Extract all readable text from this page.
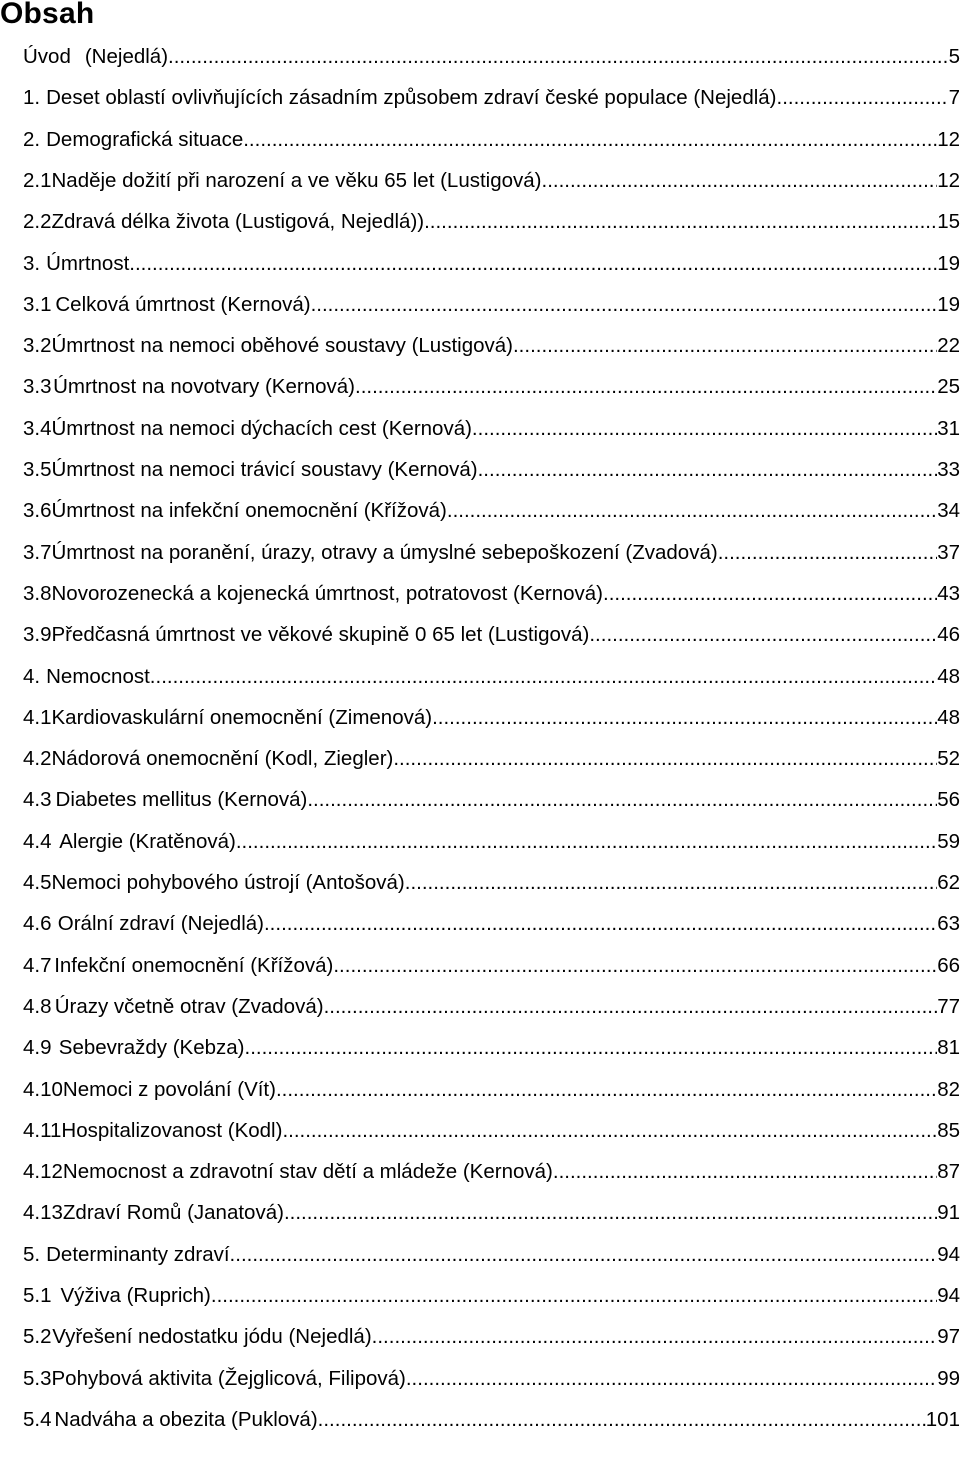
Obsah
Úvod (Nejedlá) .....	5
1. Deset oblastí ovlivňujících zásadním způsobem zdraví české populace (Nejedlá) .....	7
2. Demografická situace .....	12
2.1 Naděje dožití při narození a ve věku 65 let (Lustigová) .....	12
2.2 Zdravá délka života (Lustigová, Nejedlá)) .....	15
3. Úmrtnost .....	19
3.1 Celková úmrtnost (Kernová) .....	19
3.2 Úmrtnost na nemoci oběhové soustavy (Lustigová) .....	22
3.3 Úmrtnost na novotvary (Kernová) .....	25
3.4 Úmrtnost na nemoci dýchacích cest (Kernová) .....	31
3.5 Úmrtnost na nemoci trávicí soustavy (Kernová) .....	33
3.6 Úmrtnost na infekční onemocnění (Křížová) .....	34
3.7 Úmrtnost na poranění, úrazy, otravy a úmyslné sebepoškození (Zvadová) .....	37
3.8 Novorozenecká a kojenecká úmrtnost, potratovost (Kernová) .....	43
3.9 Předčasná úmrtnost ve věkové skupině 0 65 let (Lustigová) .....	46
4. Nemocnost .....	48
4.1 Kardiovaskulární onemocnění (Zimenová) .....	48
4.2 Nádorová onemocnění (Kodl, Ziegler) .....	52
4.3 Diabetes mellitus (Kernová) .....	56
4.4 Alergie (Kratěnová) .....	59
4.5 Nemoci pohybového ústrojí (Antošová) .....	62
4.6 Orální zdraví (Nejedlá) .....	63
4.7 Infekční onemocnění (Křížová) .....	66
4.8 Úrazy včetně otrav (Zvadová) .....	77
4.9 Sebevraždy (Kebza) .....	81
4.10 Nemoci z povolání (Vít) .....	82
4.11 Hospitalizovanost (Kodl) .....	85
4.12 Nemocnost a zdravotní stav dětí a mládeže (Kernová) .....	87
4.13 Zdraví Romů (Janatová) .....	91
5. Determinanty zdraví .....	94
5.1 Výživa (Ruprich) .....	94
5.2 Vyřešení nedostatku jódu (Nejedlá) .....	97
5.3 Pohybová aktivita (Žejglicová, Filipová) .....	99
5.4 Nadváha a obezita (Puklová) .....	101
